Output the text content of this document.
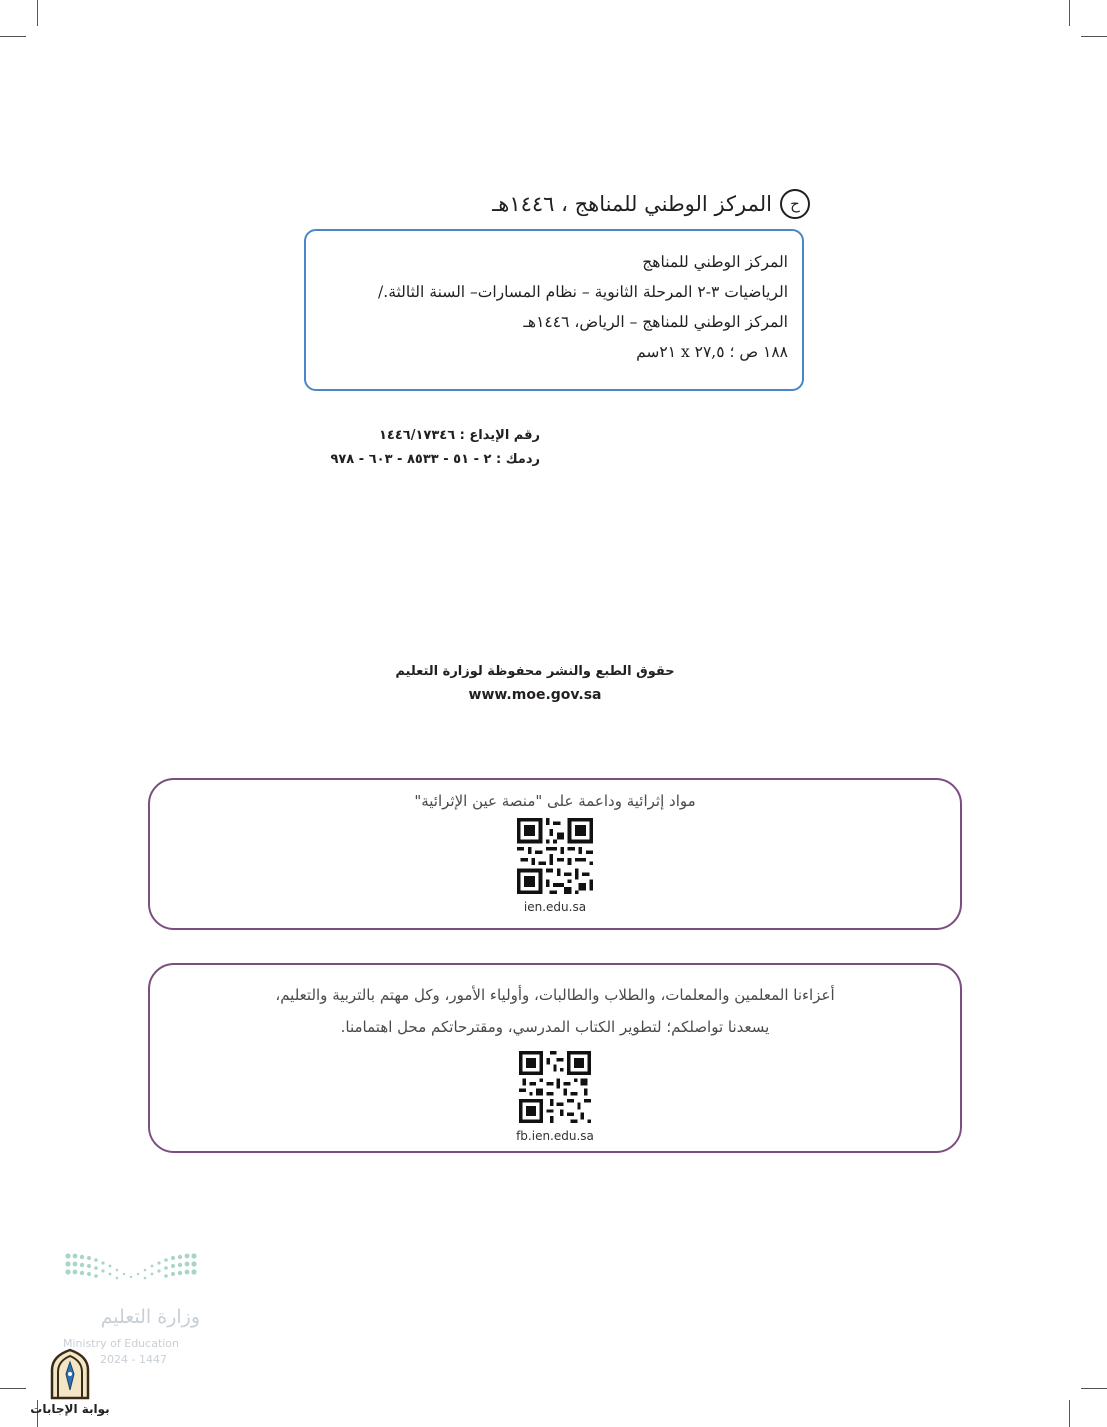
ح
المركز الوطني للمناهج ، ١٤٤٦هـ
المركز الوطني للمناهج
الرياضيات ٣-٢ المرحلة الثانوية – نظام المسارات– السنة الثالثة./
المركز الوطني للمناهج – الرياض، ١٤٤٦هـ
١٨٨ ص ؛ ٢٧,٥ x ٢١سم
رقم الإيداع : ١٤٤٦/١٧٣٤٦
ردمك : ٢ - ٥١ - ٨٥٣٣ - ٦٠٣ - ٩٧٨
حقوق الطبع والنشر محفوظة لوزارة التعليم
www.moe.gov.sa
مواد إثرائية وداعمة على "منصة عين الإثرائية"
ien.edu.sa
أعزاءنا المعلمين والمعلمات، والطلاب والطالبات، وأولياء الأمور، وكل مهتم بالتربية والتعليم،
يسعدنا تواصلكم؛ لتطوير الكتاب المدرسي، ومقترحاتكم محل اهتمامنا.
fb.ien.edu.sa
وزارة التعليم
Ministry of Education
2024 - 1447
بوابة الإجابات
